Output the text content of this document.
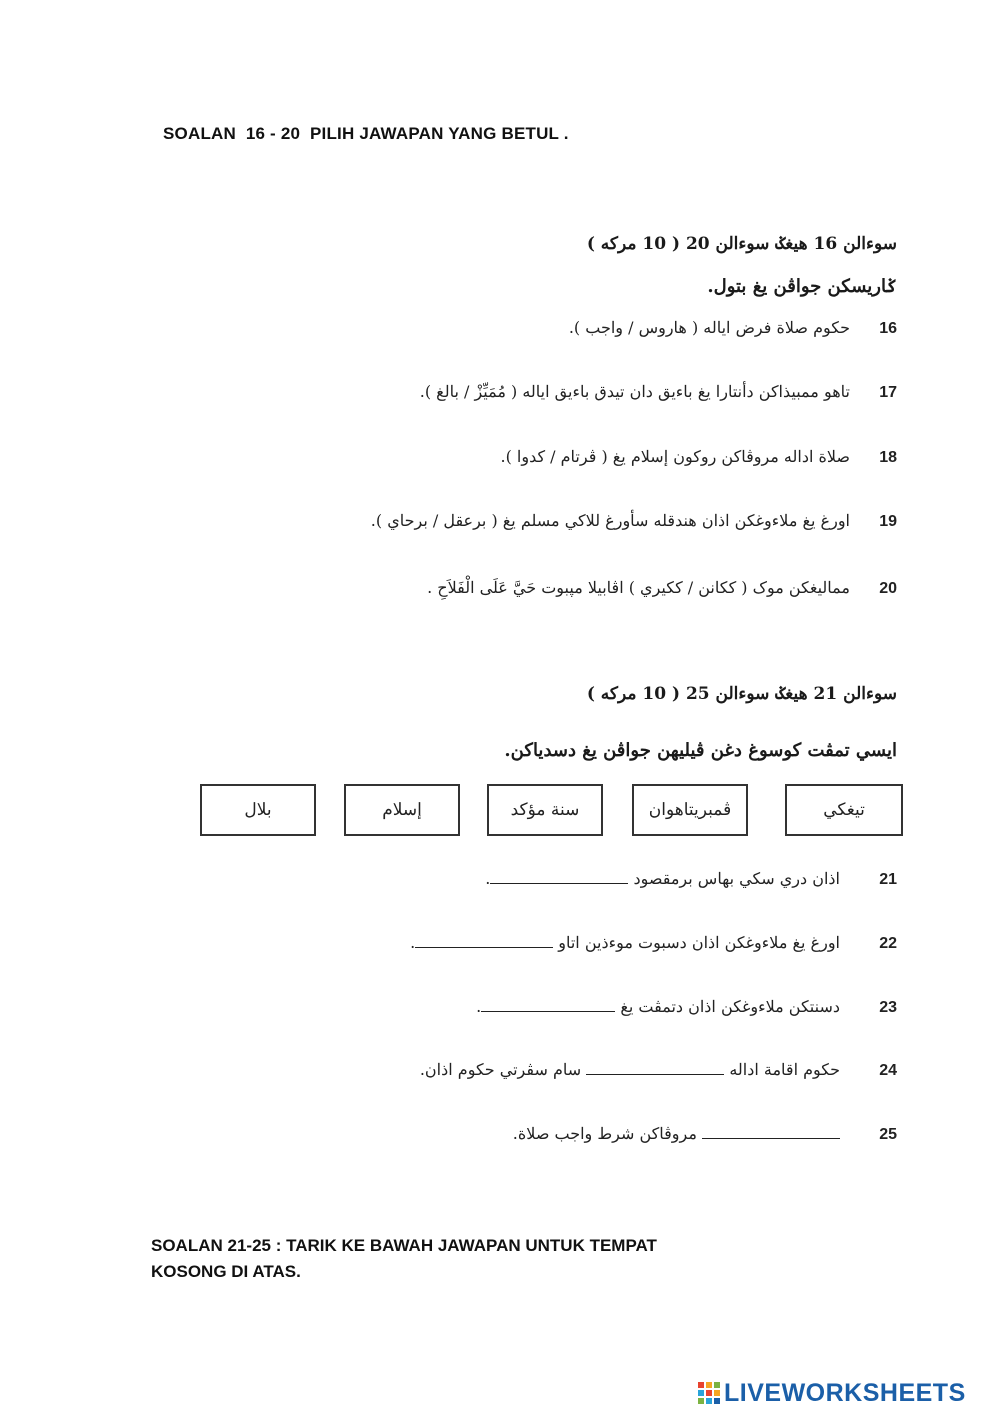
SOALAN  16 - 20  PILIH JAWAPAN YANG BETUL .
سوءالن 16 هيغݢ سوءالن 20 ( 10 مركه )
ݢاريسكن جواڤن يغ بتول.
16
حکوم صلاة فرض اياله ( هاروس / واجب ).
17
تاهو ممبيذاکن دأنتارا يغ باءيق دان تيدق باءيق اياله ( مُمَيِّزْ / بالغ ).
18
صلاة اداله مروڤاکن روکون إسلام يغ ( ڤرتام / کدوا ).
19
اورغ يغ ملاءوغکن اذان هندقله سأورغ للاکي مسلم يغ ( برعقل / برحاي ).
20
ممالیغکن موک ( ککانن / ککيري ) اڤابيلا مڽبوت حَيَّ عَلَى الْفَلاَحِ .
سوءالن 21 هيغݢ سوءالن 25 ( 10 مركه )
ايسي تمڤت کوسوغ دغن ڤيليهن جواڤن يغ دسدياکن.
تيغکي
ڤمبريتاهوان
سنة مؤكد
إسلام
بلال
21
اذان دري سکي بهاس برمقصود .
22
اورغ يغ ملاءوغکن اذان دسبوت موءذين اتاو .
23
دسنتکن ملاءوغکن اذان دتمڤت يغ .
24
حکوم اقامة اداله  سام سڤرتي حکوم اذان.
25
مروڤاکن شرط واجب صلاة.
SOALAN 21-25 : TARIK KE BAWAH JAWAPAN UNTUK TEMPAT
KOSONG DI ATAS.
LIVEWORKSHEETS
